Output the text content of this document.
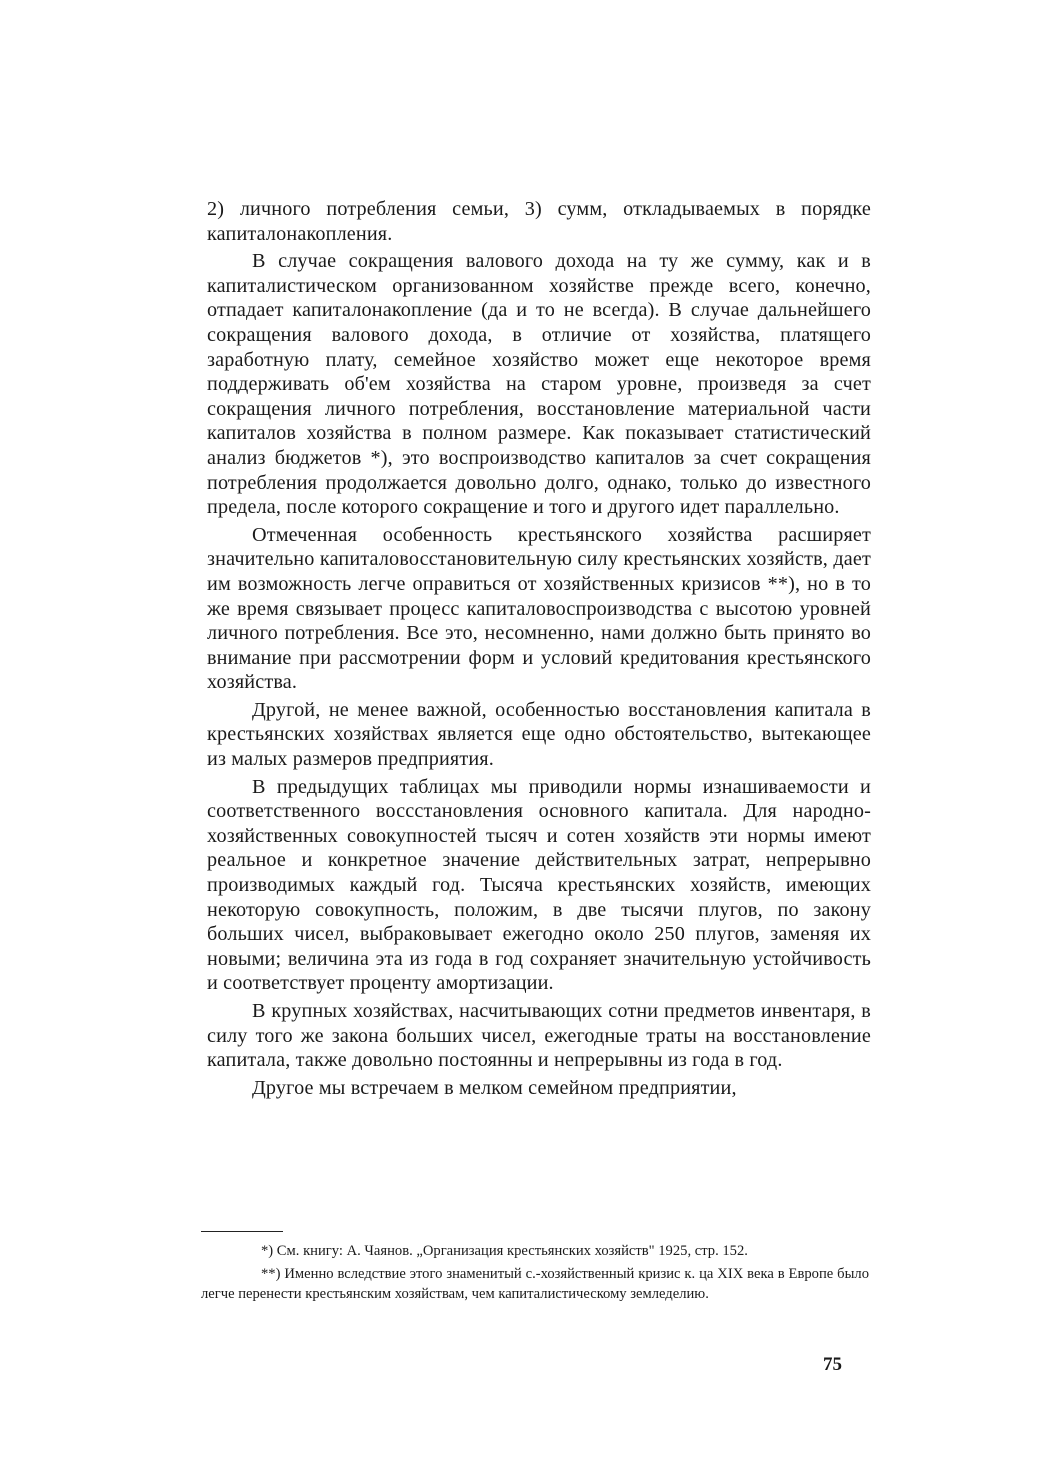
2) личного потребления семьи, 3) сумм, откладываемых в порядке капиталонакопления.

В случае сокращения валового дохода на ту же сумму, как и в капиталистическом организованном хозяйстве прежде всего, конечно, отпадает капиталонакопление (да и то не всегда). В случае дальнейшего сокращения валового дохода, в отличие от хозяйства, платящего заработную плату, семейное хозяйство может еще некоторое время поддерживать об'ем хозяйства на старом уровне, произведя за счет сокращения личного потребления, восстановление материальной части капиталов хозяйства в полном размере. Как показывает статистический анализ бюджетов *), это воспроизводство капиталов за счет сокращения потребления продолжается довольно долго, однако, только до известного предела, после которого сокращение и того и другого идет параллельно.

Отмеченная особенность крестьянского хозяйства расширяет значительно капиталовосстановительную силу крестьянских хозяйств, дает им возможность легче оправиться от хозяйственных кризисов **), но в то же время связывает процесс капиталовоспроизводства с высотою уровней личного потребления. Все это, несомненно, нами должно быть принято во внимание при рассмотрении форм и условий кредитования крестьянского хозяйства.

Другой, не менее важной, особенностью восстановления капитала в крестьянских хозяйствах является еще одно обстоятельство, вытекающее из малых размеров предприятия.

В предыдущих таблицах мы приводили нормы изнашиваемости и соответственного восcстановления основного капитала. Для народно-хозяйственных совокупностей тысяч и сотен хозяйств эти нормы имеют реальное и конкретное значение действительных затрат, непрерывно производимых каждый год. Тысяча крестьянских хозяйств, имеющих некоторую совокупность, положим, в две тысячи плугов, по закону больших чисел, выбраковывает ежегодно около 250 плугов, заменяя их новыми; величина эта из года в год сохраняет значительную устойчивость и соответствует проценту амортизации.

В крупных хозяйствах, насчитывающих сотни предметов инвентаря, в силу того же закона больших чисел, ежегодные траты на восстановление капитала, также довольно постоянны и непрерывны из года в год.

Другое мы встречаем в мелком семейном предприятии,

*) См. книгу: А. Чаянов. „Организация крестьянских хозяйств" 1925, стр. 152.

**) Именно вследствие этого знаменитый с.-хозяйственный кризис к. ца XIX века в Европе было легче перенести крестьянским хозяйствам, чем капиталистическому земледелию.

75
